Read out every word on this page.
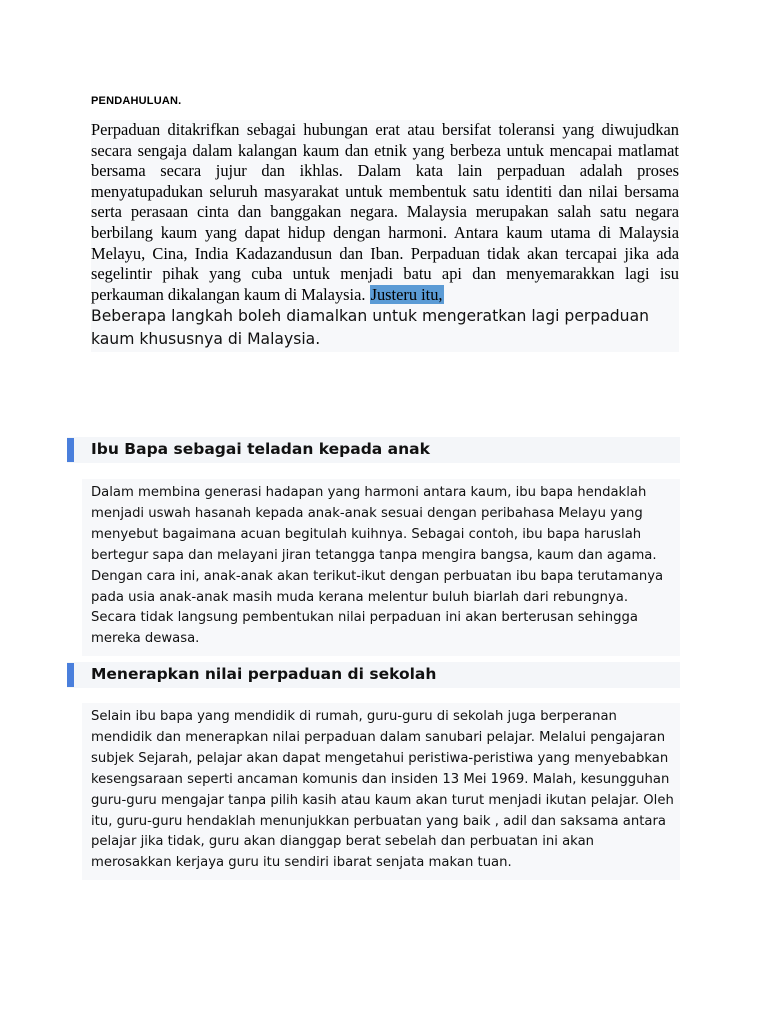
PENDAHULUAN.

Perpaduan ditakrifkan sebagai hubungan erat atau bersifat toleransi yang diwujudkan secara sengaja dalam kalangan kaum dan etnik yang berbeza untuk mencapai matlamat bersama secara jujur dan ikhlas. Dalam kata lain perpaduan adalah proses menyatupadukan seluruh masyarakat untuk membentuk satu identiti dan nilai bersama serta perasaan cinta dan banggakan negara. Malaysia merupakan salah satu negara berbilang kaum yang dapat hidup dengan harmoni. Antara kaum utama di Malaysia Melayu, Cina, India Kadazandusun dan Iban. Perpaduan tidak akan tercapai jika ada segelintir pihak yang cuba untuk menjadi batu api dan menyemarakkan lagi isu perkauman dikalangan kaum di Malaysia. Justeru itu,

Beberapa langkah boleh diamalkan untuk mengeratkan lagi perpaduan kaum khususnya di Malaysia.

Ibu Bapa sebagai teladan kepada anak

Dalam membina generasi hadapan yang harmoni antara kaum, ibu bapa hendaklah menjadi uswah hasanah kepada anak-anak sesuai dengan peribahasa Melayu yang menyebut bagaimana acuan begitulah kuihnya. Sebagai contoh, ibu bapa haruslah bertegur sapa dan melayani jiran tetangga tanpa mengira bangsa, kaum dan agama. Dengan cara ini, anak-anak akan terikut-ikut dengan perbuatan ibu bapa terutamanya pada usia anak-anak masih muda kerana melentur buluh biarlah dari rebungnya. Secara tidak langsung pembentukan nilai perpaduan ini akan berterusan sehingga mereka dewasa.

Menerapkan nilai perpaduan di sekolah

Selain ibu bapa yang mendidik di rumah, guru-guru di sekolah juga berperanan mendidik dan menerapkan nilai perpaduan dalam sanubari pelajar. Melalui pengajaran subjek Sejarah, pelajar akan dapat mengetahui peristiwa-peristiwa yang menyebabkan kesengsaraan seperti ancaman komunis dan insiden 13 Mei 1969. Malah, kesungguhan guru-guru mengajar tanpa pilih kasih atau kaum akan turut menjadi ikutan pelajar. Oleh itu, guru-guru hendaklah menunjukkan perbuatan yang baik , adil dan saksama antara pelajar jika tidak, guru akan dianggap berat sebelah dan perbuatan ini akan merosakkan kerjaya guru itu sendiri ibarat senjata makan tuan.
